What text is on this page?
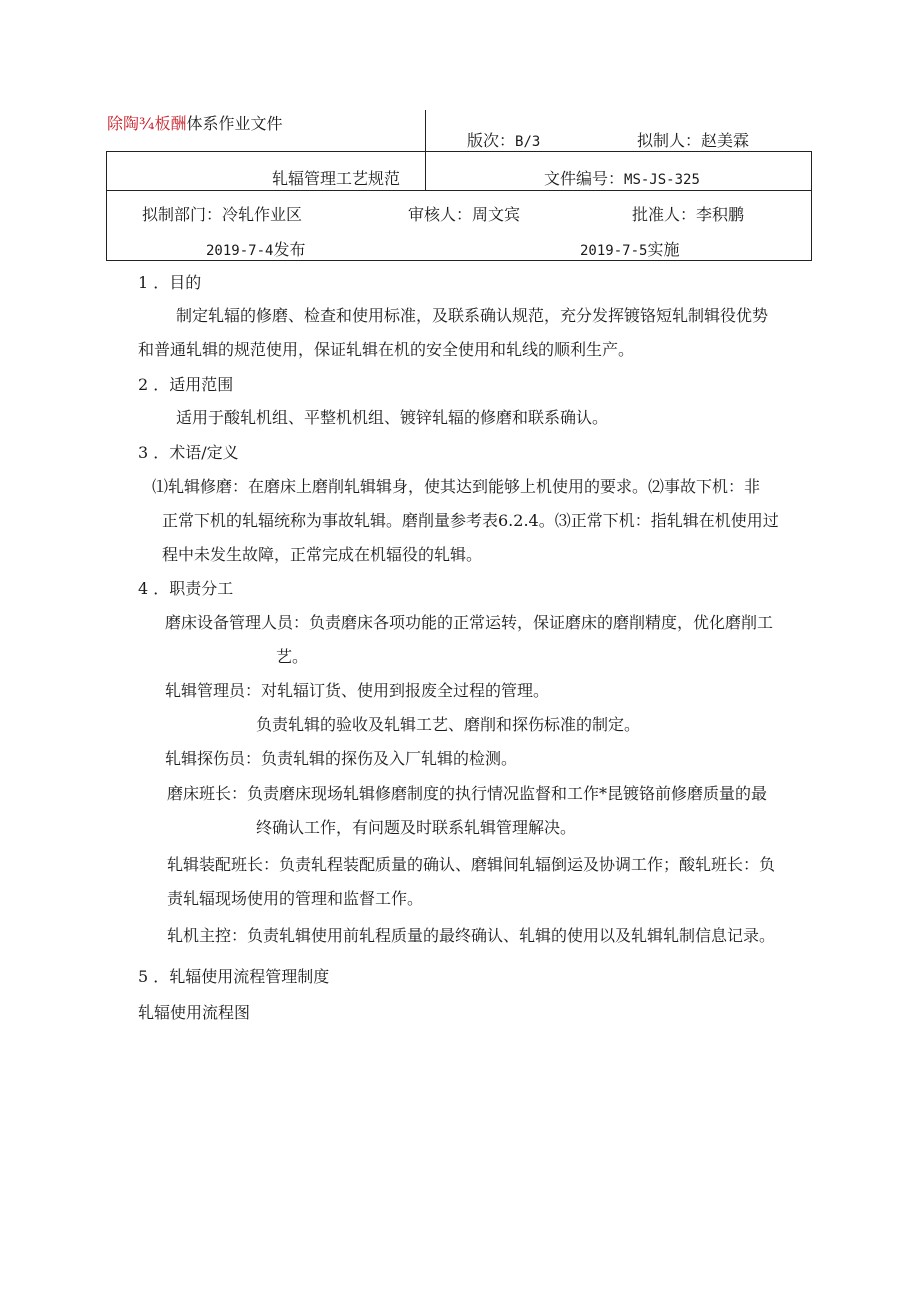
除陶¾板酬体系作业文件
版次：B/3	拟制人：赵美霖
轧辐管理工艺规范	文件编号：MS-JS-325
拟制部门：冷轧作业区	审核人：周文宾	批准人：李积鹏
2019-7-4发布	2019-7-5实施
1 ．目的
制定轧辐的修磨、检查和使用标准，及联系确认规范，充分发挥镀铬短轧制辑役优势
和普通轧辑的规范使用，保证轧辑在机的安全使用和轧线的顺利生产。
2 ．适用范围
适用于酸轧机组、平整机机组、镀锌轧辐的修磨和联系确认。
3 ．术语/定义
⑴轧辑修磨：在磨床上磨削轧辑辑身，使其达到能够上机使用的要求。⑵事故下机：非
正常下机的轧辐统称为事故轧辑。磨削量参考表6.2.4。⑶正常下机：指轧辑在机使用过
程中未发生故障，正常完成在机辐役的轧辑。
4 ．职责分工
磨床设备管理人员：负责磨床各项功能的正常运转，保证磨床的磨削精度，优化磨削工
艺。
轧辑管理员：对轧辐订货、使用到报废全过程的管理。
负责轧辑的验收及轧辑工艺、磨削和探伤标准的制定。
轧辑探伤员：负责轧辑的探伤及入厂轧辑的检测。
磨床班长：负责磨床现场轧辑修磨制度的执行情况监督和工作*昆镀铬前修磨质量的最
终确认工作，有问题及时联系轧辑管理解决。
轧辑装配班长：负责轧程装配质量的确认、磨辑间轧辐倒运及协调工作；酸轧班长：负
责轧辐现场使用的管理和监督工作。
轧机主控：负责轧辑使用前轧程质量的最终确认、轧辑的使用以及轧辑轧制信息记录。
5 ．轧辐使用流程管理制度
轧辐使用流程图
